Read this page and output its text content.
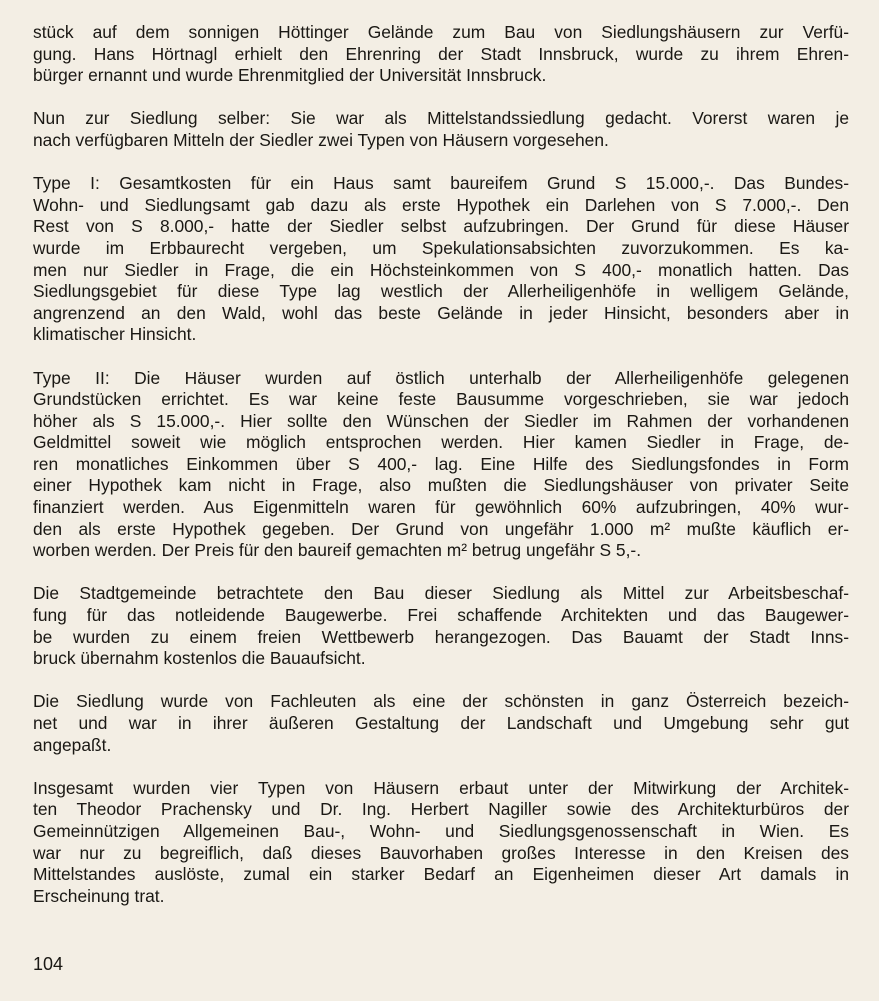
stück auf dem sonnigen Höttinger Gelände zum Bau von Siedlungshäusern zur Verfü-
gung. Hans Hörtnagl erhielt den Ehrenring der Stadt Innsbruck, wurde zu ihrem Ehren-
bürger ernannt und wurde Ehrenmitglied der Universität Innsbruck.
Nun zur Siedlung selber: Sie war als Mittelstandssiedlung gedacht. Vorerst waren je
nach verfügbaren Mitteln der Siedler zwei Typen von Häusern vorgesehen.
Type I: Gesamtkosten für ein Haus samt baureifem Grund S 15.000,-. Das Bundes-
Wohn- und Siedlungsamt gab dazu als erste Hypothek ein Darlehen von S 7.000,-. Den
Rest von S 8.000,- hatte der Siedler selbst aufzubringen. Der Grund für diese Häuser
wurde im Erbbaurecht vergeben, um Spekulationsabsichten zuvorzukommen. Es ka-
men nur Siedler in Frage, die ein Höchsteinkommen von S 400,- monatlich hatten. Das
Siedlungsgebiet für diese Type lag westlich der Allerheiligenhöfe in welligem Gelände,
angrenzend an den Wald, wohl das beste Gelände in jeder Hinsicht, besonders aber in
klimatischer Hinsicht.
Type II: Die Häuser wurden auf östlich unterhalb der Allerheiligenhöfe gelegenen
Grundstücken errichtet. Es war keine feste Bausumme vorgeschrieben, sie war jedoch
höher als S 15.000,-. Hier sollte den Wünschen der Siedler im Rahmen der vorhandenen
Geldmittel soweit wie möglich entsprochen werden. Hier kamen Siedler in Frage, de-
ren monatliches Einkommen über S 400,- lag. Eine Hilfe des Siedlungsfondes in Form
einer Hypothek kam nicht in Frage, also mußten die Siedlungshäuser von privater Seite
finanziert werden. Aus Eigenmitteln waren für gewöhnlich 60% aufzubringen, 40% wur-
den als erste Hypothek gegeben. Der Grund von ungefähr 1.000 m² mußte käuflich er-
worben werden. Der Preis für den baureif gemachten m² betrug ungefähr S 5,-.
Die Stadtgemeinde betrachtete den Bau dieser Siedlung als Mittel zur Arbeitsbeschaf-
fung für das notleidende Baugewerbe. Frei schaffende Architekten und das Baugewer-
be wurden zu einem freien Wettbewerb herangezogen. Das Bauamt der Stadt Inns-
bruck übernahm kostenlos die Bauaufsicht.
Die Siedlung wurde von Fachleuten als eine der schönsten in ganz Österreich bezeich-
net und war in ihrer äußeren Gestaltung der Landschaft und Umgebung sehr gut
angepaßt.
Insgesamt wurden vier Typen von Häusern erbaut unter der Mitwirkung der Architek-
ten Theodor Prachensky und Dr. Ing. Herbert Nagiller sowie des Architekturbüros der
Gemeinnützigen Allgemeinen Bau-, Wohn- und Siedlungsgenossenschaft in Wien. Es
war nur zu begreiflich, daß dieses Bauvorhaben großes Interesse in den Kreisen des
Mittelstandes auslöste, zumal ein starker Bedarf an Eigenheimen dieser Art damals in
Erscheinung trat.
104
